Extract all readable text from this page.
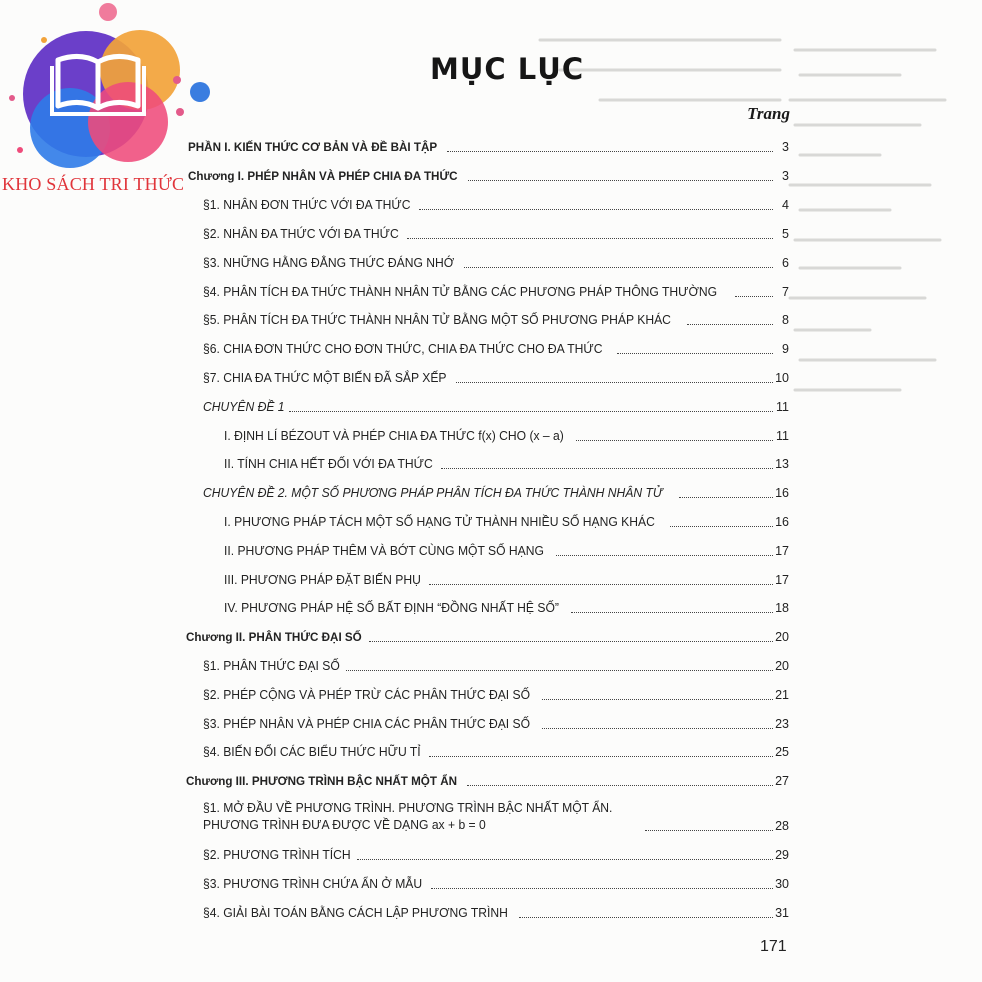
KHO SÁCH TRI THỨC
MỤC LỤC
Trang
PHẦN I. KIẾN THỨC CƠ BẢN VÀ ĐỀ BÀI TẬP	3
Chương I. PHÉP NHÂN VÀ PHÉP CHIA ĐA THỨC	3
§1. NHÂN ĐƠN THỨC VỚI ĐA THỨC	4
§2. NHÂN ĐA THỨC VỚI ĐA THỨC	5
§3. NHỮNG HẰNG ĐẲNG THỨC ĐÁNG NHỚ	6
§4. PHÂN TÍCH ĐA THỨC THÀNH NHÂN TỬ BẰNG CÁC PHƯƠNG PHÁP THÔNG THƯỜNG	7
§5. PHÂN TÍCH ĐA THỨC THÀNH NHÂN TỬ BẰNG MỘT SỐ PHƯƠNG PHÁP KHÁC	8
§6. CHIA ĐƠN THỨC CHO ĐƠN THỨC, CHIA ĐA THỨC CHO ĐA THỨC	9
§7. CHIA ĐA THỨC MỘT BIẾN ĐÃ SẮP XẾP	10
CHUYÊN ĐỀ 1	11
I. ĐỊNH LÍ BÉZOUT VÀ PHÉP CHIA ĐA THỨC f(x) CHO (x – a)	11
II. TÍNH CHIA HẾT ĐỐI VỚI ĐA THỨC	13
CHUYÊN ĐỀ 2. MỘT SỐ PHƯƠNG PHÁP PHÂN TÍCH ĐA THỨC THÀNH NHÂN TỬ	16
I. PHƯƠNG PHÁP TÁCH MỘT SỐ HẠNG TỬ THÀNH NHIỀU SỐ HẠNG KHÁC	16
II. PHƯƠNG PHÁP THÊM VÀ BỚT CÙNG MỘT SỐ HẠNG	17
III. PHƯƠNG PHÁP ĐẶT BIẾN PHỤ	17
IV. PHƯƠNG PHÁP HỆ SỐ BẤT ĐỊNH “ĐỒNG NHẤT HỆ SỐ”	18
Chương II. PHÂN THỨC ĐẠI SỐ	20
§1. PHÂN THỨC ĐẠI SỐ	20
§2. PHÉP CỘNG VÀ PHÉP TRỪ CÁC PHÂN THỨC ĐẠI SỐ	21
§3. PHÉP NHÂN VÀ PHÉP CHIA CÁC PHÂN THỨC ĐẠI SỐ	23
§4. BIẾN ĐỔI CÁC BIỂU THỨC HỮU TỈ	25
Chương III. PHƯƠNG TRÌNH BẬC NHẤT MỘT ẨN	27
§1. MỞ ĐẦU VỀ PHƯƠNG TRÌNH. PHƯƠNG TRÌNH BẬC NHẤT MỘT ẨN. PHƯƠNG TRÌNH ĐƯA ĐƯỢC VỀ DẠNG ax + b = 0	28
§2. PHƯƠNG TRÌNH TÍCH	29
§3. PHƯƠNG TRÌNH CHỨA ẨN Ở MẪU	30
§4. GIẢI BÀI TOÁN BẰNG CÁCH LẬP PHƯƠNG TRÌNH	31
171
